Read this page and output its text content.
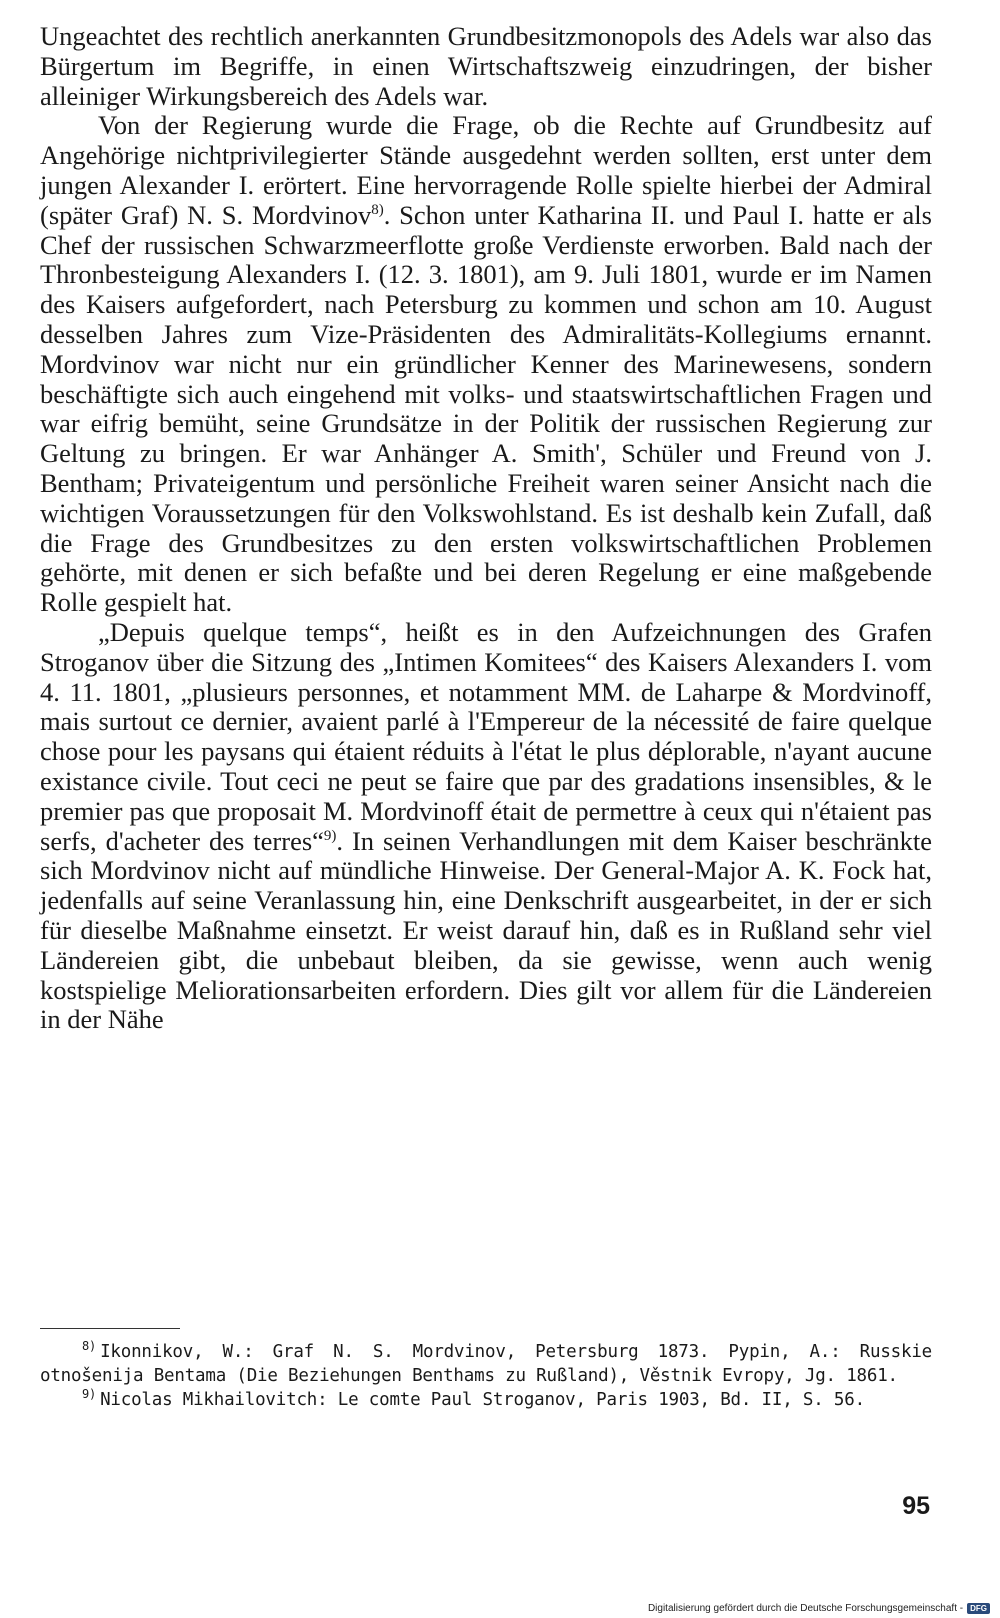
Ungeachtet des rechtlich anerkannten Grundbesitzmonopols des Adels war also das Bürgertum im Begriffe, in einen Wirtschaftszweig einzudringen, der bisher alleiniger Wirkungsbereich des Adels war.

Von der Regierung wurde die Frage, ob die Rechte auf Grundbesitz auf Angehörige nichtprivilegierter Stände ausgedehnt werden sollten, erst unter dem jungen Alexander I. erörtert. Eine hervorragende Rolle spielte hierbei der Admiral (später Graf) N. S. Mordvinov$^{8)}$. Schon unter Katharina II. und Paul I. hatte er als Chef der russischen Schwarzmeerflotte große Verdienste erworben. Bald nach der Thronbesteigung Alexanders I. (12. 3. 1801), am 9. Juli 1801, wurde er im Namen des Kaisers aufgefordert, nach Petersburg zu kommen und schon am 10. August desselben Jahres zum Vize-Präsidenten des Admiralitäts-Kollegiums ernannt. Mordvinov war nicht nur ein gründlicher Kenner des Marinewesens, sondern beschäftigte sich auch eingehend mit volks- und staatswirtschaftlichen Fragen und war eifrig bemüht, seine Grundsätze in der Politik der russischen Regierung zur Geltung zu bringen. Er war Anhänger A. Smith', Schüler und Freund von J. Bentham; Privateigentum und persönliche Freiheit waren seiner Ansicht nach die wichtigen Voraussetzungen für den Volkswohlstand. Es ist deshalb kein Zufall, daß die Frage des Grundbesitzes zu den ersten volkswirtschaftlichen Problemen gehörte, mit denen er sich befaßte und bei deren Regelung er eine maßgebende Rolle gespielt hat.

„Depuis quelque temps“, heißt es in den Aufzeichnungen des Grafen Stroganov über die Sitzung des „Intimen Komitees“ des Kaisers Alexanders I. vom 4. 11. 1801, „plusieurs personnes, et notamment MM. de Laharpe & Mordvinoff, mais surtout ce dernier, avaient parlé à l'Empereur de la nécessité de faire quelque chose pour les paysans qui étaient réduits à l'état le plus déplorable, n'ayant aucune existance civile. Tout ceci ne peut se faire que par des gradations insensibles, & le premier pas que proposait M. Mordvinoff était de permettre à ceux qui n'étaient pas serfs, d'acheter des terres“$^{9)}$. In seinen Verhandlungen mit dem Kaiser beschränkte sich Mordvinov nicht auf mündliche Hinweise. Der General-Major A. K. Fock hat, jedenfalls auf seine Veranlassung hin, eine Denkschrift ausgearbeitet, in der er sich für dieselbe Maßnahme einsetzt. Er weist darauf hin, daß es in Rußland sehr viel Ländereien gibt, die unbebaut bleiben, da sie gewisse, wenn auch wenig kostspielige Meliorationsarbeiten erfordern. Dies gilt vor allem für die Ländereien in der Nähe

$^{8)}$ Ikonnikov, W.: Graf N. S. Mordvinov, Petersburg 1873. Pypin, A.: Russkie otnošenija Bentama (Die Beziehungen Benthams zu Rußland), Věstnik Evropy, Jg. 1861.

$^{9)}$ Nicolas Mikhailovitch: Le comte Paul Stroganov, Paris 1903, Bd. II, S. 56.

95
Digitalisierung gefördert durch die Deutsche Forschungsgemeinschaft - DFG
